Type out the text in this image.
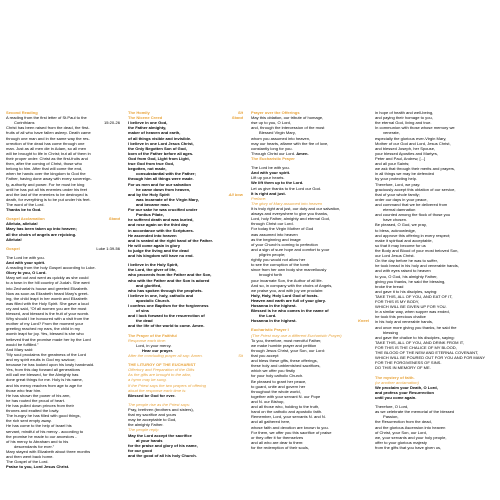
Second Reading
A reading from the first letter of St.Paul to the
Corinthians	15:20-26
Christ has been raised from the dead, the first-
fruits of all who have fallen asleep. Death came
through one man and in the same way the res-
urrection of the dead has come through one
man. Just as all men die in Adam, so all men
will be brought to life in Christ; but all of them in
their proper order: Christ as the first-fruits and
then, after the coming of Christ, those who
belong to him. After that will come the end,
when he hands over the kingdom to God the
Father, having done away with every sovereign-
ty, authority and power. For he must be king
until he has put all his enemies under his feet
and the last of the enemies to be destroyed is
death, for everything is to be put under his feet.
The word of the Lord.
Thanks be to God.
Gospel Acclamation	Stand
Alleluia, alleluia!
Mary has been taken up into heaven;
all the choirs of angels are rejoicing.
Alleluia!
Gospel	Luke 1:39-56
The Lord be with you.
And with your spirit.
A reading from the holy Gospel according to Luke.
Glory to you, O Lord.
Mary set out and went as quickly as she could
to a town in the hill country of Judah. She went
into Zechariah's house and greeted Elizabeth.
Now as soon as Elizabeth heard Mary's greet-
ing, the child leapt in her womb and Elizabeth
was filled with the Holy Spirit. She gave a loud
cry and said, "Of all women you are the most
blessed, and blessed is the fruit of your womb.
Why should I be honoured with a visit from the
mother of my Lord? From the moment your
greeting reached my ears, the child in my
womb leapt for joy. Yes, blessed is she who
believed that the promise made her by the Lord
would be fulfilled."
And Mary said:
"My soul proclaims the greatness of the Lord
and my spirit exults in God my saviour;
because he has looked upon his lowly handmaid.
Yes, from this day forward all generations
will call me blessed, for the Almighty has
done great things for me. Holy is his name,
and his mercy reaches from age to age for
those who fear him.
He has shown the power of his arm,
he has routed the proud of heart.
He has pulled down princes from their
thrones and exalted the lowly.
The hungry he has filled with good things,
the rich sent empty away.
He has come to the help of Israel his
servant, mindful of his mercy - according to
the promise he made to our ancestors -
of his mercy to Abraham and to his
descendants for ever."
Mary stayed with Elizabeth about three months
and then went back home.
The Gospel of the Lord.
Praise to you, Lord Jesus Christ.
The Homily	Sit
The Nicene Creed	Stand
I believe in one God,
the Father almighty,
maker of heaven and earth,
of all things visible and invisible.
I believe in one Lord Jesus Christ,
the Only Begotten Son of God,
born of the Father before all ages.
God from God, Light from Light,
true God from true God,
begotten, not made,
consubstantial with the Father;
through him all things were made.
For us men and for our salvation
he came down from heaven,
and by the Holy Spirit	All bow
was incarnate of the Virgin Mary,
and became man.
For our sake he was crucified under
Pontius Pilate,
he suffered death and was buried,
and rose again on the third day
in accordance with the Scriptures.
He ascended into heaven
and is seated at the right hand of the Father.
He will come again in glory
to judge the living and the dead
and his kingdom will have no end.
I believe in the Holy Spirit,
the Lord, the giver of life,
who proceeds from the Father and the Son,
who with the Father and the Son is adored
and glorified,
who has spoken through the prophets.
I believe in one, holy, catholic and
apostolic Church.
I confess one Baptism for the forgiveness
of sins
and I look forward to the resurrection of
the dead
and the life of the world to come. Amen.
The Prayer of the Faithful
Response each time:
Lord, in your mercy.
Hear our prayer.
After the concluding prayer all say: Amen.	Sit
THE LITURGY OF THE EUCHARIST
Offertory and Preparation of the Gifts
As the gifts are brought to the altar,
a hymn may be sung.
If the Priest says the two prayers of offering
aloud the response each time is:
Blessed be God for ever.
The people rise as the Priest says:
Pray, brethren (brothers and sisters),
that my sacrifice and yours
may be acceptable to God,
the almighty Father.
The people reply:
May the Lord accept the sacrifice
at your hands
for the praise and glory of his name,
for our good
and the good of all his holy Church.
Prayer over the Offerings
May this oblation, our tribute of homage,
rise up to you, O Lord,
and, through the intercession of the most
Blessed Virgin Mary,
whom you assumed into heaven,
may our hearts, aflame with the fire of love,
constantly long for you.
Through Christ our Lord. Amen.
The Eucharistic Prayer
The Lord be with you.
And with your spirit.
Lift up your hearts.
We lift them up to the Lord.
Let us give thanks to the Lord our God.
It is right and just.
Preface:
The glory of Mary assumed into heaven
It is truly right and just, our duty and our salvation,
always and everywhere to give you thanks,
Lord, holy Father, almighty and eternal God,
through Christ our Lord.
For today the Virgin Mother of God
was assumed into heaven
as the beginning and image
of your Church's coming to perfection
and a sign of sure hope and comfort to your
pilgrim people;
rightly you would not allow her
to see the corruption of the tomb
since from her own body she marvellously
brought forth
your incarnate Son, the Author of all life.
And so, in company with the choirs of Angels,
we praise you, and with joy we proclaim:
Holy, Holy, Holy Lord God of hosts.
Heaven and earth are full of your glory.
Hosanna in the highest.
Blessed is he who comes in the name of
the Lord.
Hosanna in the highest.	Kneel
Eucharistic Prayer I
(The Priest may use a different Eucharistic Prayer)
To you, therefore, most merciful Father,
we make humble prayer and petition
through Jesus Christ, your Son, our Lord:
that you accept
and bless these gifts, these offerings,
these holy and unblemished sacrifices,
which we offer you firstly
for your holy catholic Church.
Be pleased to grant her peace,
to guard, unite and govern her
throughout the whole world,
together with your servant N. our Pope
and N. our Bishop,
and all those who, holding to the truth,
hand on the catholic and apostolic faith.
Remember, Lord, your servants N. and N.
and all gathered here,
whose faith and devotion are known to you.
For them, we offer you this sacrifice of praise
or they offer it for themselves
and all who are dear to them:
for the redemption of their souls,
in hope of health and well-being,
and paying their homage to you,
the eternal God, living and true.
In communion with those whose memory we
venerate,
especially the glorious ever-Virgin Mary,
Mother of our God and Lord, Jesus Christ,
and blessed Joseph, her Spouse,
your blessed Apostles and Martyrs,
Peter and Paul, Andrew, [...]
and all your Saints;
we ask that through their merits and prayers,
in all things we may be defended
by your protecting help.
Therefore, Lord, we pray:
graciously accept this oblation of our service,
that of your whole family;
order our days in your peace,
and command that we be delivered from
eternal damnation
and counted among the flock of those you
have chosen.
Be pleased, O God, we pray,
to bless, acknowledge,
and approve this offering in every respect;
make it spiritual and acceptable,
so that it may become for us
the Body and Blood of your most beloved Son,
our Lord Jesus Christ.
On the day before he was to suffer,
he took bread in his holy and venerable hands,
and with eyes raised to heaven
to you, O God, his almighty Father,
giving you thanks, he said the blessing,
broke the bread
and gave it to his disciples, saying:
TAKE THIS, ALL OF YOU, AND EAT OF IT,
FOR THIS IS MY BODY,
WHICH WILL BE GIVEN UP FOR YOU.
In a similar way, when supper was ended,
he took this precious chalice
in his holy and venerable hands,
and once more giving you thanks, he said the
blessing
and gave the chalice to his disciples, saying:
TAKE THIS, ALL OF YOU, AND DRINK FROM IT,
FOR THIS IS THE CHALICE OF MY BLOOD,
THE BLOOD OF THE NEW AND ETERNAL COVENANT,
WHICH WILL BE POURED OUT FOR YOU AND FOR MANY
FOR THE FORGIVENESS OF SINS.
DO THIS IN MEMORY OF ME.
The mystery of faith.
(or another acclamation)
We proclaim your Death, O Lord,
and profess your Resurrection
until you come again.
Therefore, O Lord,
as we celebrate the memorial of the blessed
Passion,
the Resurrection from the dead,
and the glorious Ascension into heaven
of Christ, your Son, our Lord,
we, your servants and your holy people,
offer to your glorious majesty
from the gifts that you have given us,
